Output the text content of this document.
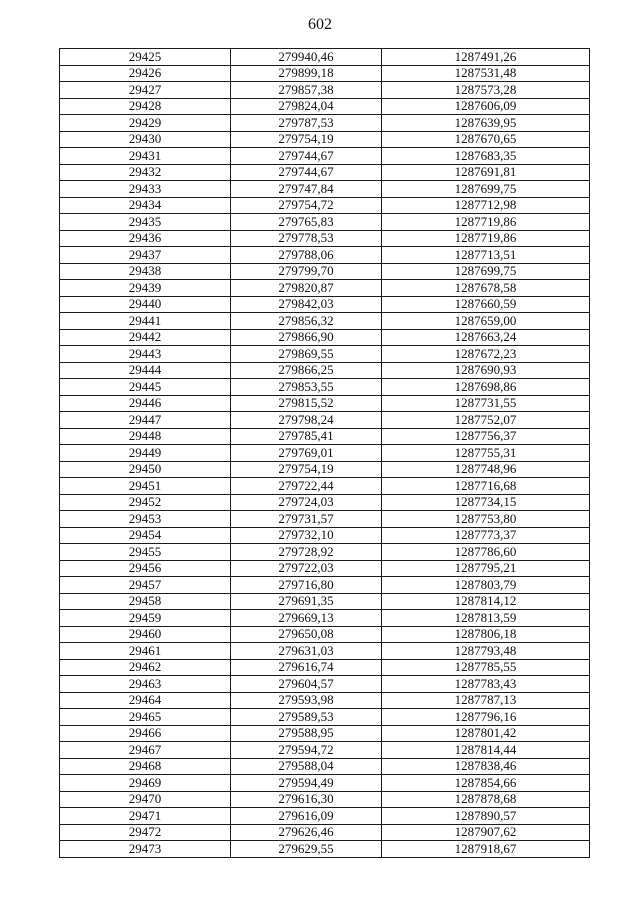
602
29425	279940,46	1287491,26
29426	279899,18	1287531,48
29427	279857,38	1287573,28
29428	279824,04	1287606,09
29429	279787,53	1287639,95
29430	279754,19	1287670,65
29431	279744,67	1287683,35
29432	279744,67	1287691,81
29433	279747,84	1287699,75
29434	279754,72	1287712,98
29435	279765,83	1287719,86
29436	279778,53	1287719,86
29437	279788,06	1287713,51
29438	279799,70	1287699,75
29439	279820,87	1287678,58
29440	279842,03	1287660,59
29441	279856,32	1287659,00
29442	279866,90	1287663,24
29443	279869,55	1287672,23
29444	279866,25	1287690,93
29445	279853,55	1287698,86
29446	279815,52	1287731,55
29447	279798,24	1287752,07
29448	279785,41	1287756,37
29449	279769,01	1287755,31
29450	279754,19	1287748,96
29451	279722,44	1287716,68
29452	279724,03	1287734,15
29453	279731,57	1287753,80
29454	279732,10	1287773,37
29455	279728,92	1287786,60
29456	279722,03	1287795,21
29457	279716,80	1287803,79
29458	279691,35	1287814,12
29459	279669,13	1287813,59
29460	279650,08	1287806,18
29461	279631,03	1287793,48
29462	279616,74	1287785,55
29463	279604,57	1287783,43
29464	279593,98	1287787,13
29465	279589,53	1287796,16
29466	279588,95	1287801,42
29467	279594,72	1287814,44
29468	279588,04	1287838,46
29469	279594,49	1287854,66
29470	279616,30	1287878,68
29471	279616,09	1287890,57
29472	279626,46	1287907,62
29473	279629,55	1287918,67
